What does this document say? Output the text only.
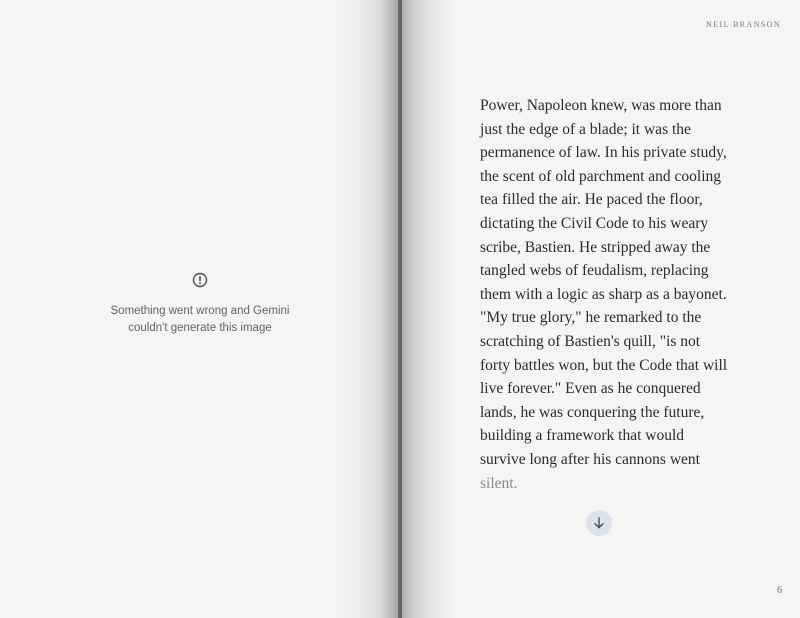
Something went wrong and Gemini
couldn't generate this image
NEIL BRANSON
Power, Napoleon knew, was more than
just the edge of a blade; it was the
permanence of law. In his private study,
the scent of old parchment and cooling
tea filled the air. He paced the floor,
dictating the Civil Code to his weary
scribe, Bastien. He stripped away the
tangled webs of feudalism, replacing
them with a logic as sharp as a bayonet.
"My true glory," he remarked to the
scratching of Bastien's quill, "is not
forty battles won, but the Code that will
live forever." Even as he conquered
lands, he was conquering the future,
building a framework that would
survive long after his cannons went
silent.
6
